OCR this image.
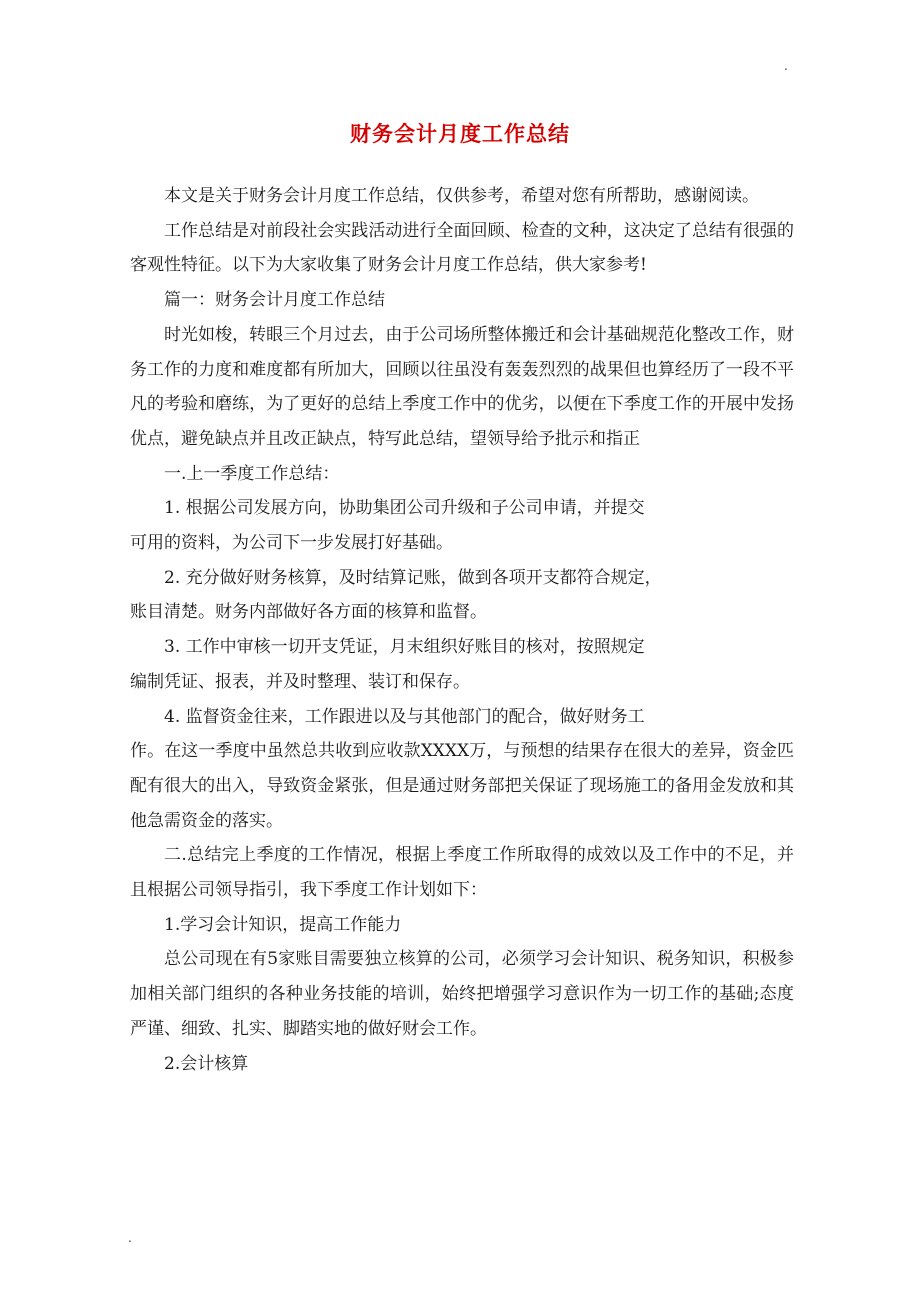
.
财务会计月度工作总结

本文是关于财务会计月度工作总结，仅供参考，希望对您有所帮助，感谢阅读。

工作总结是对前段社会实践活动进行全面回顾、检查的文种，这决定了总结有很强的客观性特征。以下为大家收集了财务会计月度工作总结，供大家参考!

篇一：财务会计月度工作总结

时光如梭，转眼三个月过去，由于公司场所整体搬迁和会计基础规范化整改工作，财务工作的力度和难度都有所加大，回顾以往虽没有轰轰烈烈的战果但也算经历了一段不平凡的考验和磨练，为了更好的总结上季度工作中的优劣，以便在下季度工作的开展中发扬优点，避免缺点并且改正缺点，特写此总结，望领导给予批示和指正

一.上一季度工作总结：

1. 根据公司发展方向，协助集团公司升级和子公司申请，并提交

可用的资料，为公司下一步发展打好基础。

2. 充分做好财务核算，及时结算记账，做到各项开支都符合规定，

账目清楚。财务内部做好各方面的核算和监督。

3. 工作中审核一切开支凭证，月末组织好账目的核对，按照规定

编制凭证、报表，并及时整理、装订和保存。

4. 监督资金往来，工作跟进以及与其他部门的配合，做好财务工

作。在这一季度中虽然总共收到应收款XXXX万，与预想的结果存在很大的差异，资金匹配有很大的出入，导致资金紧张，但是通过财务部把关保证了现场施工的备用金发放和其他急需资金的落实。

二.总结完上季度的工作情况，根据上季度工作所取得的成效以及工作中的不足，并且根据公司领导指引，我下季度工作计划如下：

1.学习会计知识，提高工作能力

总公司现在有5家账目需要独立核算的公司，必须学习会计知识、税务知识，积极参加相关部门组织的各种业务技能的培训，始终把增强学习意识作为一切工作的基础;态度严谨、细致、扎实、脚踏实地的做好财会工作。

2.会计核算

.
